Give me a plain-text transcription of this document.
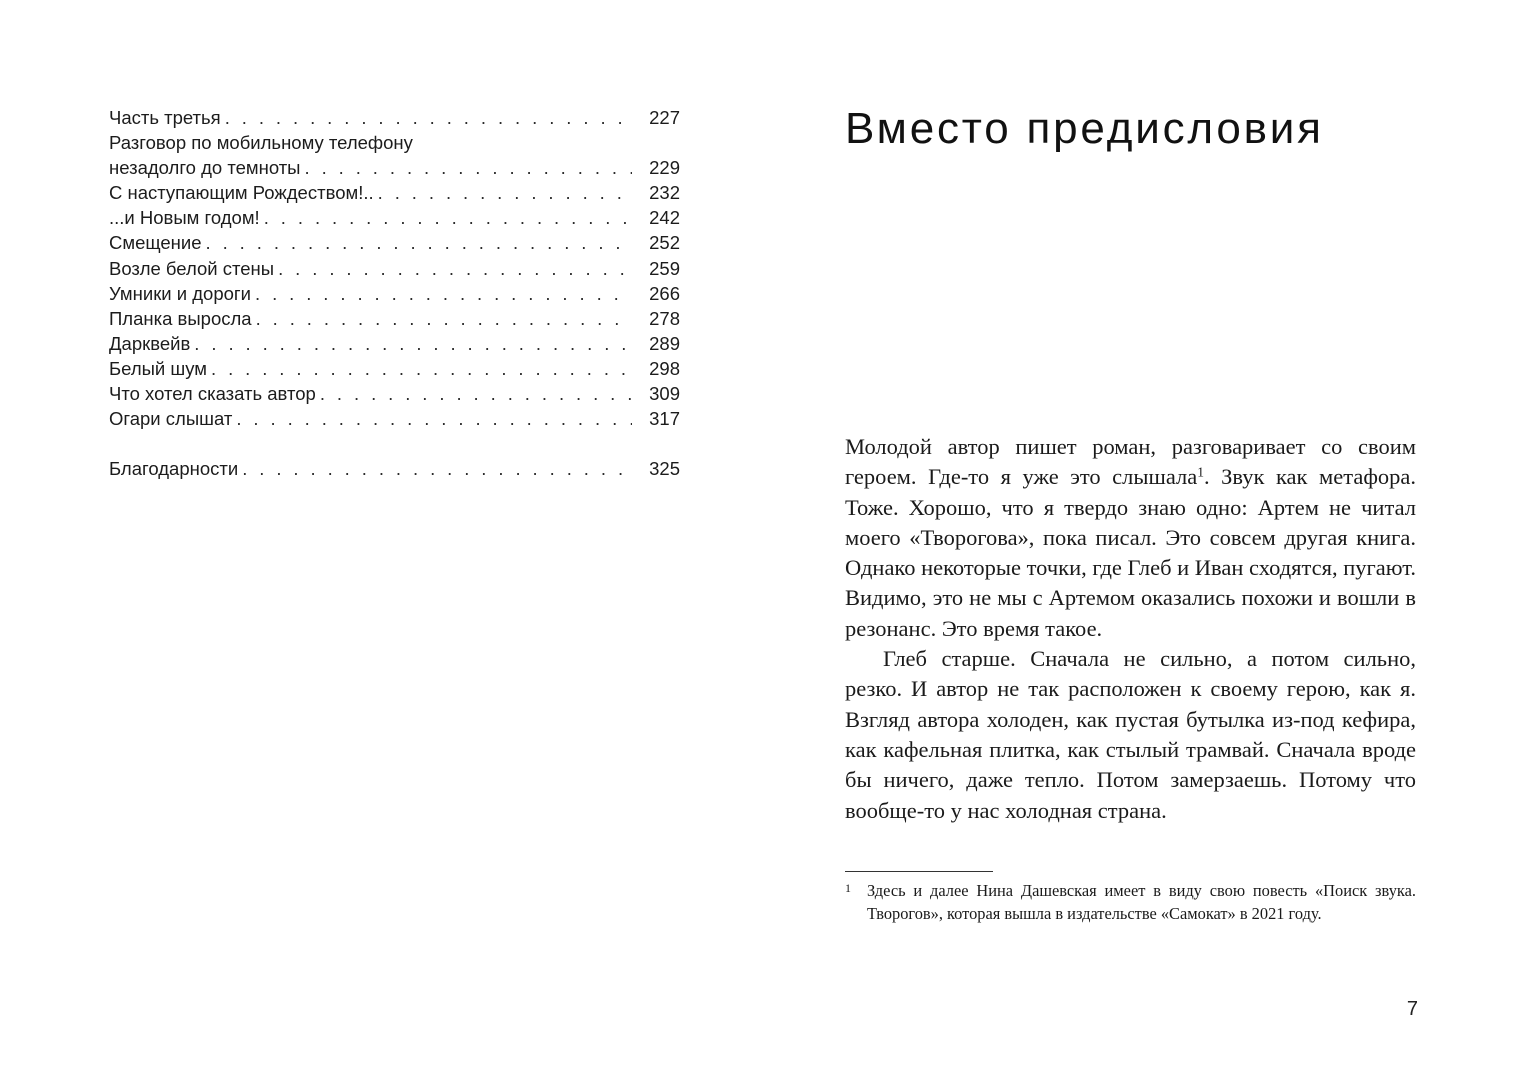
Часть третья . . .	227
Разговор по мобильному телефону
незадолго до темноты . . .	229
С наступающим Рождеством!.. . . .	232
...и Новым годом! . . .	242
Смещение . . .	252
Возле белой стены . . .	259
Умники и дороги . . .	266
Планка выросла . . .	278
Дарквейв . . .	289
Белый шум . . .	298
Что хотел сказать автор . . .	309
Огари слышат . . .	317
Благодарности . . .	325
Вместо предисловия

Молодой автор пишет роман, разговаривает со своим героем. Где-то я уже это слышала$^1$. Звук как метафора. Тоже. Хорошо, что я твердо знаю одно: Артем не читал моего «Творогова», пока писал. Это совсем другая книга. Однако некоторые точки, где Глеб и Иван сходятся, пугают. Видимо, это не мы с Артемом оказались похожи и вошли в резонанс. Это время такое.

Глеб старше. Сначала не сильно, а потом сильно, резко. И автор не так расположен к своему герою, как я. Взгляд автора холоден, как пустая бутылка из-под кефира, как кафельная плитка, как стылый трамвай. Сначала вроде бы ничего, даже тепло. Потом замерзаешь. Потому что вообще-то у нас холодная страна.

1 Здесь и далее Нина Дашевская имеет в виду свою повесть «Поиск звука. Творогов», которая вышла в издательстве «Самокат» в 2021 году.
7
